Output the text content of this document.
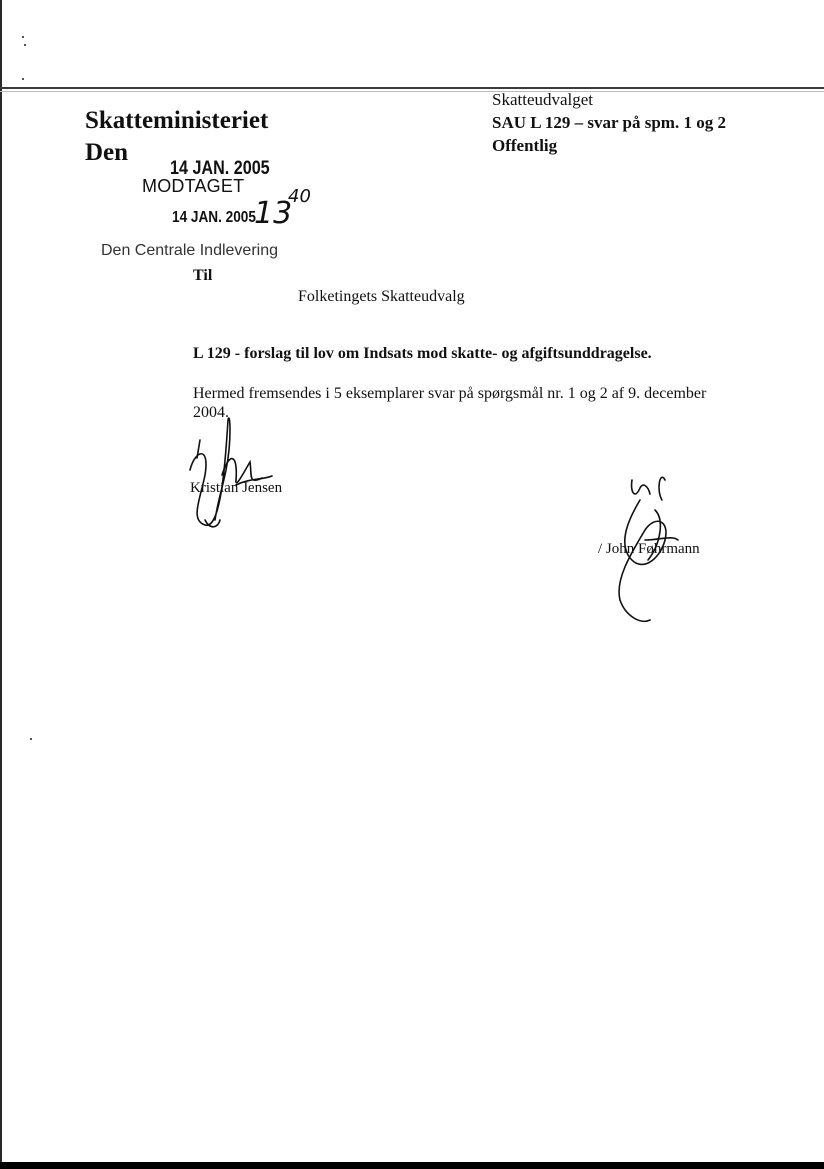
Skatteministeriet
Den
Skatteudvalget
SAU L 129 – svar på spm. 1 og 2
Offentlig
14 JAN. 2005
MODTAGET
14 JAN. 2005
13
40
Den Centrale Indlevering
Til
Folketingets Skatteudvalg
L 129 - forslag til lov om Indsats mod skatte- og afgiftsunddragelse.
Hermed fremsendes i 5 eksemplarer svar på spørgsmål nr. 1 og 2 af 9. december
2004.
Kristian Jensen
/ John Føhrmann
